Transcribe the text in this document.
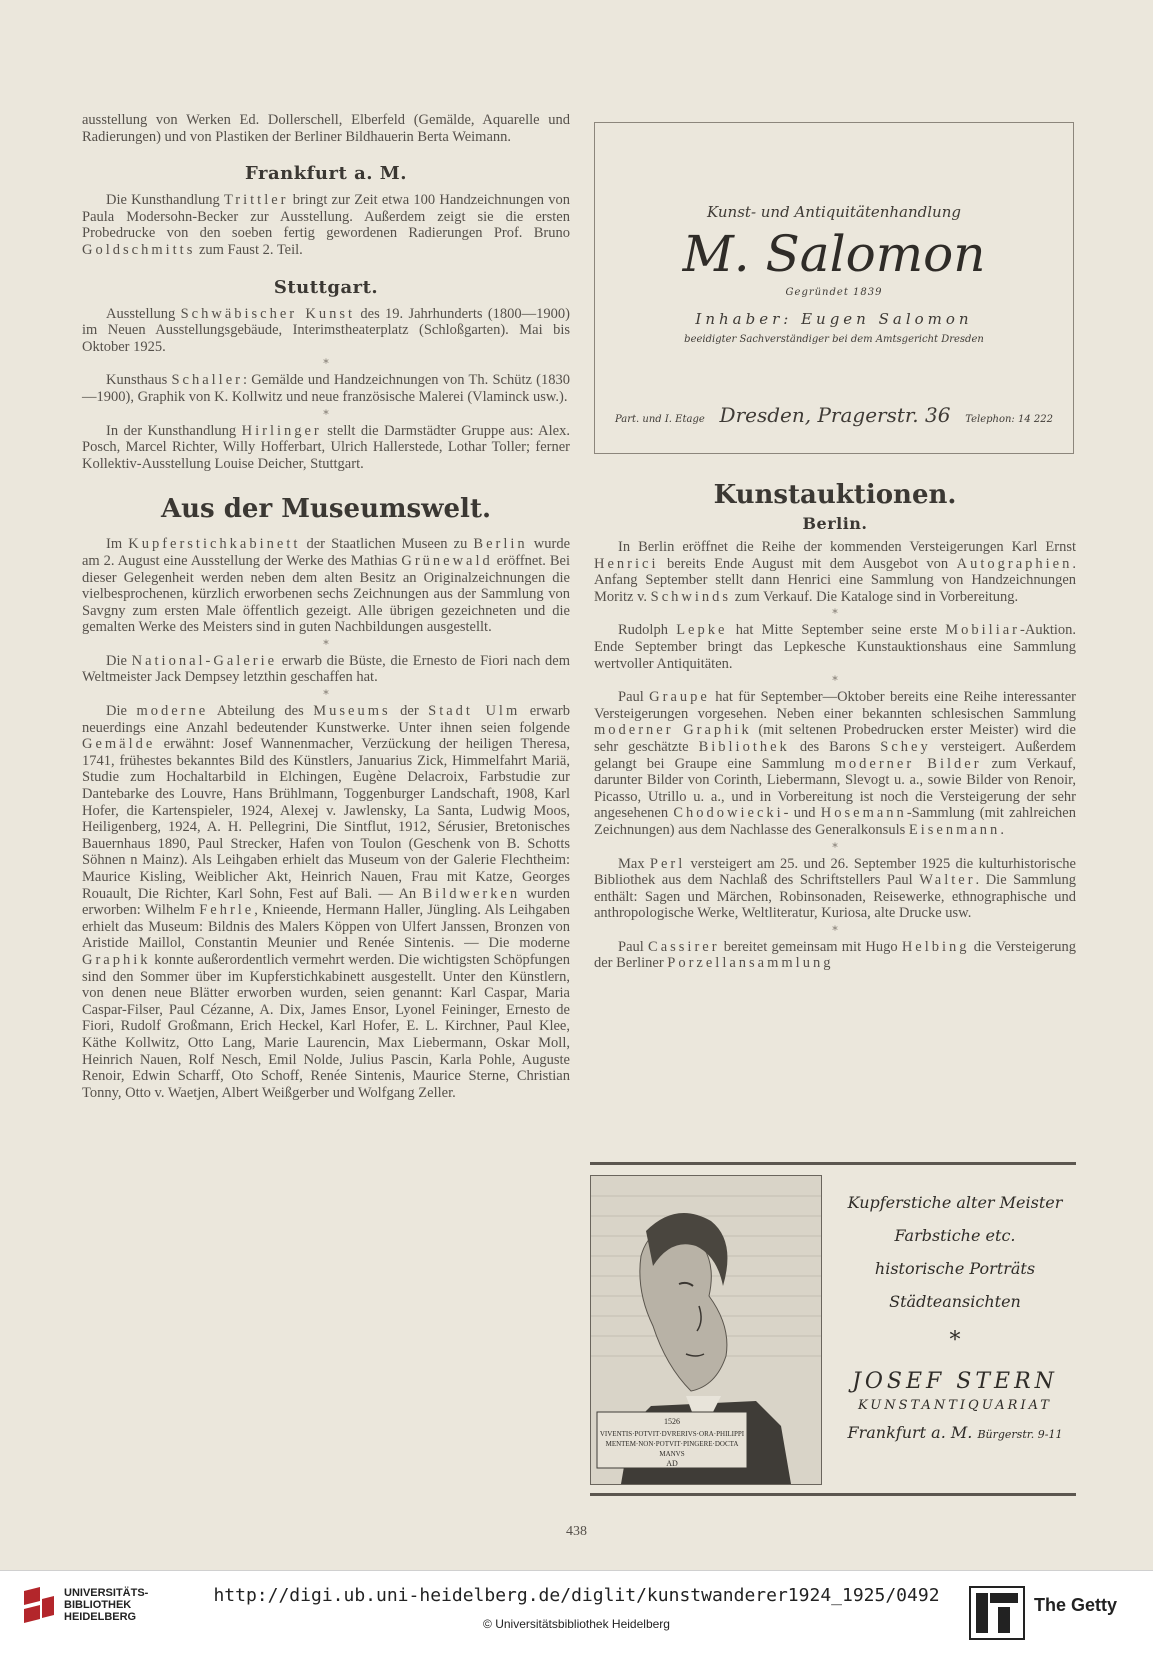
ausstellung von Werken Ed. Dollerschell, Elberfeld (Gemälde, Aquarelle und Radierungen) und von Plastiken der Berliner Bildhauerin Berta Weimann.

Frankfurt a. M.

Die Kunsthandlung Trittler bringt zur Zeit etwa 100 Handzeichnungen von Paula Modersohn-Becker zur Ausstellung. Außerdem zeigt sie die ersten Probedrucke von den soeben fertig gewordenen Radierungen Prof. Bruno Goldschmitts zum Faust 2. Teil.

Stuttgart.

Ausstellung Schwäbischer Kunst des 19. Jahrhunderts (1800—1900) im Neuen Ausstellungsgebäude, Interimstheaterplatz (Schloßgarten). Mai bis Oktober 1925.

*

Kunsthaus Schaller: Gemälde und Handzeichnungen von Th. Schütz (1830—1900), Graphik von K. Kollwitz und neue französische Malerei (Vlaminck usw.).

*

In der Kunsthandlung Hirlinger stellt die Darmstädter Gruppe aus: Alex. Posch, Marcel Richter, Willy Hofferbart, Ulrich Hallerstede, Lothar Toller; ferner Kollektiv-Ausstellung Louise Deicher, Stuttgart.

Aus der Museumswelt.

Im Kupferstichkabinett der Staatlichen Museen zu Berlin wurde am 2. August eine Ausstellung der Werke des Mathias Grünewald eröffnet. Bei dieser Gelegenheit werden neben dem alten Besitz an Originalzeichnungen die vielbesprochenen, kürzlich erworbenen sechs Zeichnungen aus der Sammlung von Savgny zum ersten Male öffentlich gezeigt. Alle übrigen gezeichneten und die gemalten Werke des Meisters sind in guten Nachbildungen ausgestellt.

*

Die National-Galerie erwarb die Büste, die Ernesto de Fiori nach dem Weltmeister Jack Dempsey letzthin geschaffen hat.

*

Die moderne Abteilung des Museums der Stadt Ulm erwarb neuerdings eine Anzahl bedeutender Kunstwerke. Unter ihnen seien folgende Gemälde erwähnt: Josef Wannenmacher, Verzückung der heiligen Theresa, 1741, frühestes bekanntes Bild des Künstlers, Januarius Zick, Himmelfahrt Mariä, Studie zum Hochaltarbild in Elchingen, Eugène Delacroix, Farbstudie zur Dantebarke des Louvre, Hans Brühlmann, Toggenburger Landschaft, 1908, Karl Hofer, die Kartenspieler, 1924, Alexej v. Jawlensky, La Santa, Ludwig Moos, Heiligenberg, 1924, A. H. Pellegrini, Die Sintflut, 1912, Sérusier, Bretonisches Bauernhaus 1890, Paul Strecker, Hafen von Toulon (Geschenk von B. Schotts Söhnen n Mainz). Als Leihgaben erhielt das Museum von der Galerie Flechtheim: Maurice Kisling, Weiblicher Akt, Heinrich Nauen, Frau mit Katze, Georges Rouault, Die Richter, Karl Sohn, Fest auf Bali. — An Bildwerken wurden erworben: Wilhelm Fehrle, Knieende, Hermann Haller, Jüngling. Als Leihgaben erhielt das Museum: Bildnis des Malers Köppen von Ulfert Janssen, Bronzen von Aristide Maillol, Constantin Meunier und Renée Sintenis. — Die moderne Graphik konnte außerordentlich vermehrt werden. Die wichtigsten Schöpfungen sind den Sommer über im Kupferstichkabinett ausgestellt. Unter den Künstlern, von denen neue Blätter erworben wurden, seien genannt: Karl Caspar, Maria Caspar-Filser, Paul Cézanne, A. Dix, James Ensor, Lyonel Feininger, Ernesto de Fiori, Rudolf Großmann, Erich Heckel, Karl Hofer, E. L. Kirchner, Paul Klee, Käthe Kollwitz, Otto Lang, Marie Laurencin, Max Liebermann, Oskar Moll, Heinrich Nauen, Rolf Nesch, Emil Nolde, Julius Pascin, Karla Pohle, Auguste Renoir, Edwin Scharff, Oto Schoff, Renée Sintenis, Maurice Sterne, Christian Tonny, Otto v. Waetjen, Albert Weißgerber und Wolfgang Zeller.

Kunst- und Antiquitätenhandlung
M. Salomon
Gegründet 1839
Inhaber: Eugen Salomon
beeidigter Sachverständiger bei dem Amtsgericht Dresden
Part. und I. Etage Dresden, Pragerstr. 36 Telephon: 14 222
Kunstauktionen.
Berlin.

In Berlin eröffnet die Reihe der kommenden Versteigerungen Karl Ernst Henrici bereits Ende August mit dem Ausgebot von Autographien. Anfang September stellt dann Henrici eine Sammlung von Handzeichnungen Moritz v. Schwinds zum Verkauf. Die Kataloge sind in Vorbereitung.

*

Rudolph Lepke hat Mitte September seine erste Mobiliar-Auktion. Ende September bringt das Lepkesche Kunstauktionshaus eine Sammlung wertvoller Antiquitäten.

*

Paul Graupe hat für September—Oktober bereits eine Reihe interessanter Versteigerungen vorgesehen. Neben einer bekannten schlesischen Sammlung moderner Graphik (mit seltenen Probedrucken erster Meister) wird die sehr geschätzte Bibliothek des Barons Schey versteigert. Außerdem gelangt bei Graupe eine Sammlung moderner Bilder zum Verkauf, darunter Bilder von Corinth, Liebermann, Slevogt u. a., sowie Bilder von Renoir, Picasso, Utrillo u. a., und in Vorbereitung ist noch die Versteigerung der sehr angesehenen Chodowiecki- und Hosemann-Sammlung (mit zahlreichen Zeichnungen) aus dem Nachlasse des Generalkonsuls Eisenmann.

*

Max Perl versteigert am 25. und 26. September 1925 die kulturhistorische Bibliothek aus dem Nachlaß des Schriftstellers Paul Walter. Die Sammlung enthält: Sagen und Märchen, Robinsonaden, Reisewerke, ethnographische und anthropologische Werke, Weltliteratur, Kuriosa, alte Drucke usw.

*

Paul Cassirer bereitet gemeinsam mit Hugo Helbing die Versteigerung der Berliner Porzellansammlung

1526
VIVENTIS·POTVIT·DVRERIVS·ORA·PHILIPPI
MENTEM·NON·POTVIT·PINGERE·DOCTA
MANVS
AD
Kupferstiche alter Meister
Farbstiche etc.
historische Porträts
Städteansichten
*
JOSEF STERN
KUNSTANTIQUARIAT
Frankfurt a. M. Bürgerstr. 9-11
438
UNIVERSITÄTS-
BIBLIOTHEK
HEIDELBERG
http://digi.ub.uni-heidelberg.de/diglit/kunstwanderer1924_1925/0492
© Universitätsbibliothek Heidelberg
The Getty
